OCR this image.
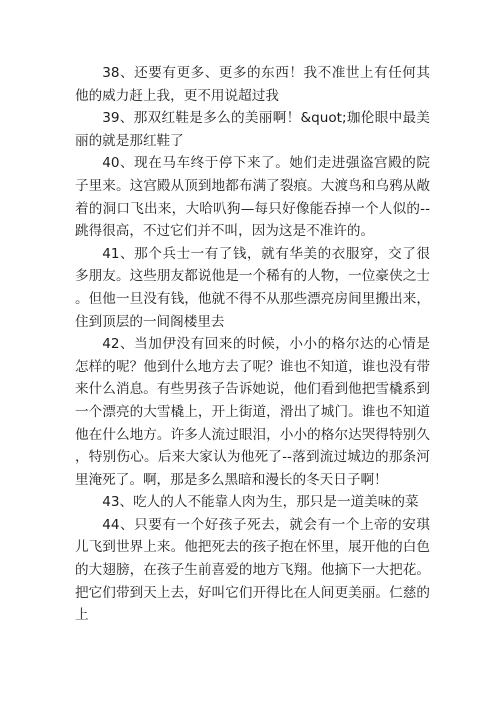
38、还要有更多、更多的东西！我不准世上有任何其他的威力赶上我，更不用说超过我

39、那双红鞋是多么的美丽啊！&quot;珈伦眼中最美丽的就是那红鞋了

40、现在马车终于停下来了。她们走进强盗宫殿的院子里来。这宫殿从顶到地都布满了裂痕。大渡鸟和乌鸦从敞着的洞口飞出来，大哈叭狗—每只好像能吞掉一个人似的--跳得很高，不过它们并不叫，因为这是不准许的。

41、那个兵士一有了钱，就有华美的衣服穿，交了很多朋友。这些朋友都说他是一个稀有的人物，一位豪侠之士。但他一旦没有钱，他就不得不从那些漂亮房间里搬出来，住到顶层的一间阁楼里去

42、当加伊没有回来的时候，小小的格尔达的心情是怎样的呢？他到什么地方去了呢？谁也不知道，谁也没有带来什么消息。有些男孩子告诉她说，他们看到他把雪橇系到一个漂亮的大雪橇上，开上街道，滑出了城门。谁也不知道他在什么地方。许多人流过眼泪，小小的格尔达哭得特别久，特别伤心。后来大家认为他死了--落到流过城边的那条河里淹死了。啊，那是多么黑暗和漫长的冬天日子啊！

43、吃人的人不能靠人肉为生，那只是一道美味的菜

44、只要有一个好孩子死去，就会有一个上帝的安琪儿飞到世界上来。他把死去的孩子抱在怀里，展开他的白色的大翅膀，在孩子生前喜爱的地方飞翔。他摘下一大把花。把它们带到天上去，好叫它们开得比在人间更美丽。仁慈的上
